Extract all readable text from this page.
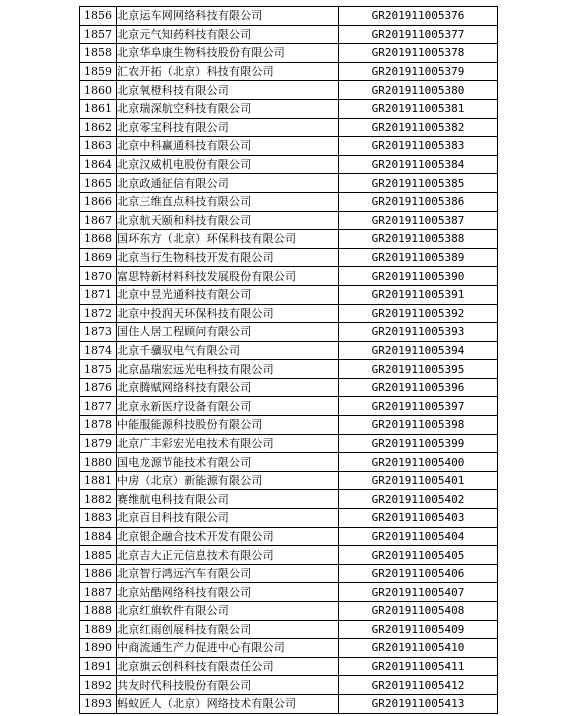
1856	北京运车网网络科技有限公司	GR201911005376
1857	北京元气知药科技有限公司	GR201911005377
1858	北京华阜康生物科技股份有限公司	GR201911005378
1859	汇农开拓（北京）科技有限公司	GR201911005379
1860	北京氧橙科技有限公司	GR201911005380
1861	北京瑞深航空科技有限公司	GR201911005381
1862	北京零宝科技有限公司	GR201911005382
1863	北京中科赢通科技有限公司	GR201911005383
1864	北京汉威机电股份有限公司	GR201911005384
1865	北京政通征信有限公司	GR201911005385
1866	北京三维直点科技有限公司	GR201911005386
1867	北京航天颐和科技有限公司	GR201911005387
1868	国环东方（北京）环保科技有限公司	GR201911005388
1869	北京当行生物科技开发有限公司	GR201911005389
1870	富思特新材料科技发展股份有限公司	GR201911005390
1871	北京中昱光通科技有限公司	GR201911005391
1872	北京中投润天环保科技有限公司	GR201911005392
1873	国住人居工程顾问有限公司	GR201911005393
1874	北京千骥驭电气有限公司	GR201911005394
1875	北京晶瑞宏远光电科技有限公司	GR201911005395
1876	北京腾赋网络科技有限公司	GR201911005396
1877	北京永新医疗设备有限公司	GR201911005397
1878	中能服能源科技股份有限公司	GR201911005398
1879	北京广丰彩宏光电技术有限公司	GR201911005399
1880	国电龙源节能技术有限公司	GR201911005400
1881	中房（北京）新能源有限公司	GR201911005401
1882	赛维航电科技有限公司	GR201911005402
1883	北京百目科技有限公司	GR201911005403
1884	北京银企融合技术开发有限公司	GR201911005404
1885	北京吉大正元信息技术有限公司	GR201911005405
1886	北京智行鸿远汽车有限公司	GR201911005406
1887	北京站酷网络科技有限公司	GR201911005407
1888	北京红旗软件有限公司	GR201911005408
1889	北京红雨创展科技有限公司	GR201911005409
1890	中商流通生产力促进中心有限公司	GR201911005410
1891	北京旗云创科科技有限责任公司	GR201911005411
1892	共友时代科技股份有限公司	GR201911005412
1893	蚂蚁匠人（北京）网络技术有限公司	GR201911005413
